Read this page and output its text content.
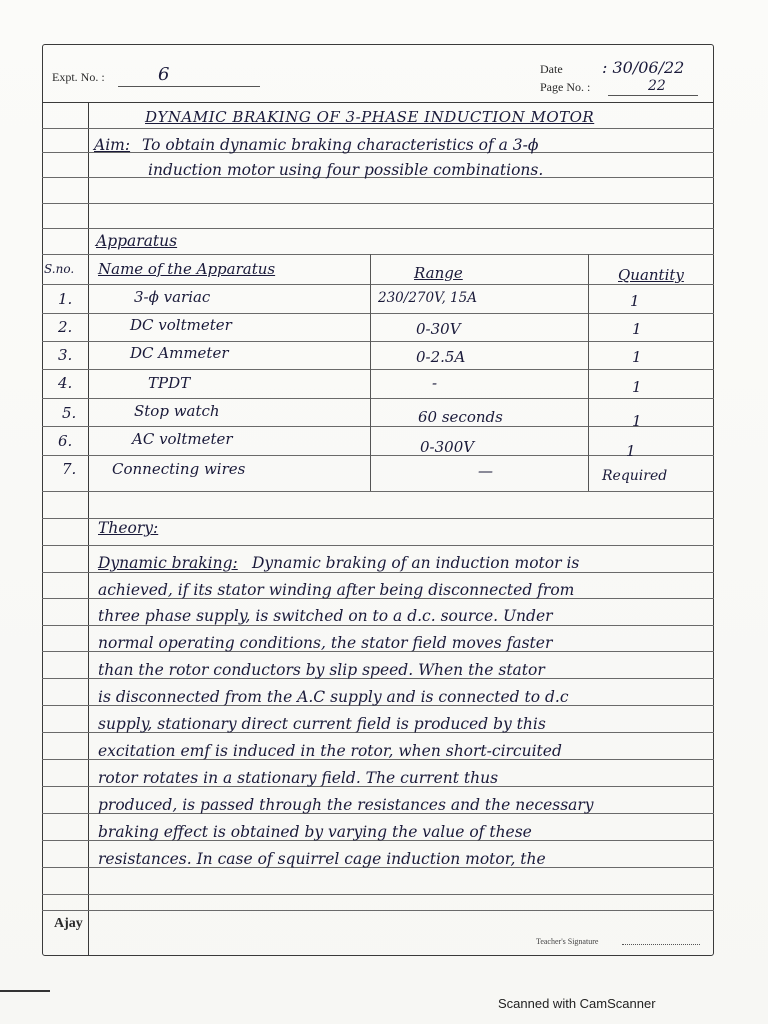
Expt. No. :	6	Date : 30/06/22
Page No. :	22
DYNAMIC BRAKING OF 3-PHASE INDUCTION MOTOR
Aim: To obtain dynamic braking characteristics of a 3-ϕ
induction motor using four possible combinations.
Apparatus
S.no. Name of the Apparatus	Range	Quantity
1.	3-ϕ variac	230/270V, 15A	1
2.	DC voltmeter	0-30V	1
3.	DC Ammeter	0-2.5A	1
4.	TPDT	-	1
5.	Stop watch	60 seconds	1
6.	AC voltmeter	0-300V	1
7. Connecting wires	—	Required
Theory:
Dynamic braking: Dynamic braking of an induction motor is
achieved, if its stator winding after being disconnected from
three phase supply, is switched on to a d.c. source. Under
normal operating conditions, the stator field moves faster
than the rotor conductors by slip speed. When the stator
is disconnected from the A.C supply and is connected to d.c
supply, stationary direct current field is produced by this
excitation emf is induced in the rotor, when short-circuited
rotor rotates in a stationary field. The current thus
produced, is passed through the resistances and the necessary
braking effect is obtained by varying the value of these
resistances. In case of squirrel cage induction motor, the
Ajay
Teacher's Signature
Scanned with CamScanner
